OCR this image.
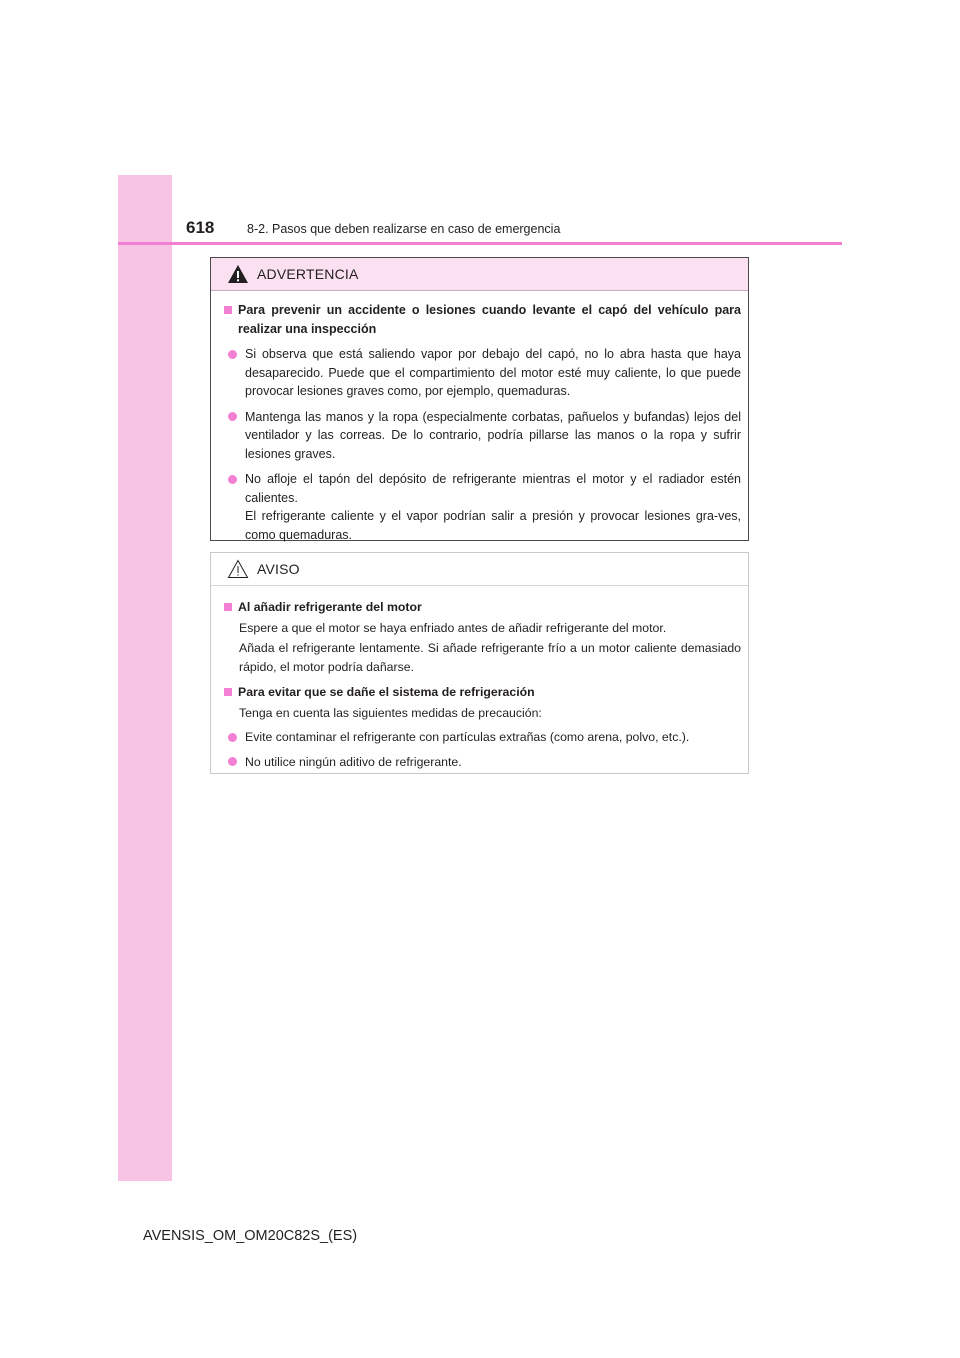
618	8-2. Pasos que deben realizarse en caso de emergencia
ADVERTENCIA
Para prevenir un accidente o lesiones cuando levante el capó del vehículo para realizar una inspección
Si observa que está saliendo vapor por debajo del capó, no lo abra hasta que haya desaparecido. Puede que el compartimiento del motor esté muy caliente, lo que puede provocar lesiones graves como, por ejemplo, quemaduras.
Mantenga las manos y la ropa (especialmente corbatas, pañuelos y bufandas) lejos del ventilador y las correas. De lo contrario, podría pillarse las manos o la ropa y sufrir lesiones graves.
No afloje el tapón del depósito de refrigerante mientras el motor y el radiador estén calientes.
El refrigerante caliente y el vapor podrían salir a presión y provocar lesiones gra-ves, como quemaduras.
AVISO
Al añadir refrigerante del motor
Espere a que el motor se haya enfriado antes de añadir refrigerante del motor.
Añada el refrigerante lentamente. Si añade refrigerante frío a un motor caliente demasiado rápido, el motor podría dañarse.
Para evitar que se dañe el sistema de refrigeración
Tenga en cuenta las siguientes medidas de precaución:
Evite contaminar el refrigerante con partículas extrañas (como arena, polvo, etc.).
No utilice ningún aditivo de refrigerante.
AVENSIS_OM_OM20C82S_(ES)
